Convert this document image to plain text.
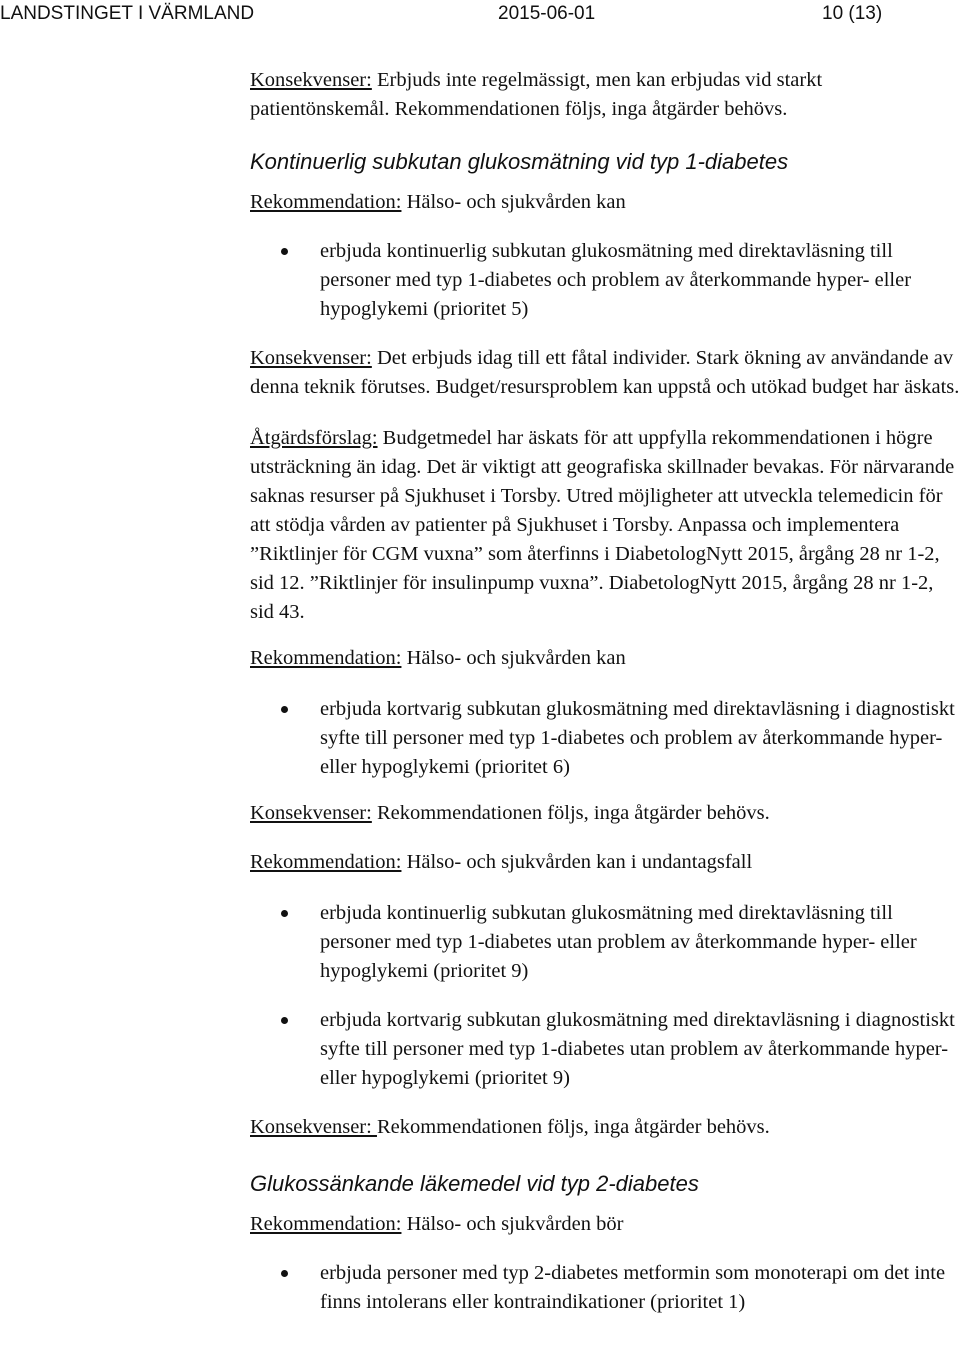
LANDSTINGET I VÄRMLAND	2015-06-01	10 (13)

Konsekvenser: Erbjuds inte regelmässigt, men kan erbjudas vid starkt patientönskemål. Rekommendationen följs, inga åtgärder behövs.

Kontinuerlig subkutan glukosmätning vid typ 1-diabetes

Rekommendation: Hälso- och sjukvården kan

erbjuda kontinuerlig subkutan glukosmätning med direktavläsning till personer med typ 1-diabetes och problem av återkommande hyper- eller hypoglykemi (prioritet 5)

Konsekvenser: Det erbjuds idag till ett fåtal individer. Stark ökning av användande av denna teknik förutses. Budget/resursproblem kan uppstå och utökad budget har äskats.

Åtgärdsförslag: Budgetmedel har äskats för att uppfylla rekommendationen i högre utsträckning än idag. Det är viktigt att geografiska skillnader bevakas. För närvarande saknas resurser på Sjukhuset i Torsby. Utred möjligheter att utveckla telemedicin för att stödja vården av patienter på Sjukhuset i Torsby. Anpassa och implementera ”Riktlinjer för CGM vuxna” som återfinns i DiabetologNytt 2015, årgång 28 nr 1-2, sid 12. ”Riktlinjer för insulinpump vuxna”. DiabetologNytt 2015, årgång 28 nr 1-2, sid 43.

Rekommendation: Hälso- och sjukvården kan

erbjuda kortvarig subkutan glukosmätning med direktavläsning i diagnostiskt syfte till personer med typ 1-diabetes och problem av återkommande hyper- eller hypoglykemi (prioritet 6)

Konsekvenser: Rekommendationen följs, inga åtgärder behövs.

Rekommendation: Hälso- och sjukvården kan i undantagsfall

erbjuda kontinuerlig subkutan glukosmätning med direktavläsning till personer med typ 1-diabetes utan problem av återkommande hyper- eller hypoglykemi (prioritet 9)
erbjuda kortvarig subkutan glukosmätning med direktavläsning i diagnostiskt syfte till personer med typ 1-diabetes utan problem av återkommande hyper- eller hypoglykemi (prioritet 9)

Konsekvenser: Rekommendationen följs, inga åtgärder behövs.

Glukossänkande läkemedel vid typ 2-diabetes

Rekommendation: Hälso- och sjukvården bör

erbjuda personer med typ 2-diabetes metformin som monoterapi om det inte finns intolerans eller kontraindikationer (prioritet 1)
